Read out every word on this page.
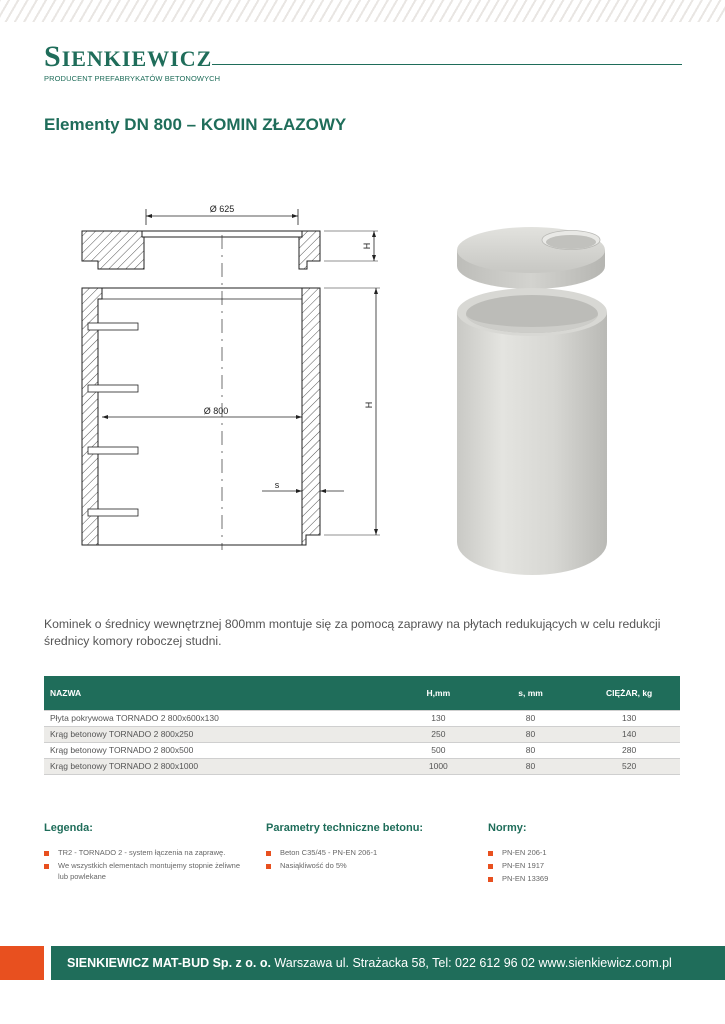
SIENKIEWICZ
PRODUCENT PREFABRYKATÓW BETONOWYCH
Elementy DN 800 – KOMIN ZŁAZOWY
Ø 625
H
Ø 800
s
H

Kominek o średnicy wewnętrznej 800mm montuje się za pomocą zaprawy na płytach redukujących w celu redukcji średnicy komory roboczej studni.

NAZWA	H,mm	s, mm	CIĘŻAR, kg
Płyta pokrywowa TORNADO 2 800x600x130	130	80	130
Krąg betonowy TORNADO 2 800x250	250	80	140
Krąg betonowy TORNADO 2 800x500	500	80	280
Krąg betonowy TORNADO 2 800x1000	1000	80	520
Legenda:
TR2 - TORNADO 2 - system łączenia na zaprawę.
We wszystkich elementach montujemy stopnie żeliwne lub powlekane
Parametry techniczne betonu:
Beton C35/45 - PN-EN 206-1
Nasiąkliwość do 5%
Normy:
PN-EN 206-1
PN-EN 1917
PN-EN 13369
SIENKIEWICZ MAT-BUD Sp. z o. o. Warszawa ul. Strażacka 58, Tel: 022 612 96 02 www.sienkiewicz.com.pl
